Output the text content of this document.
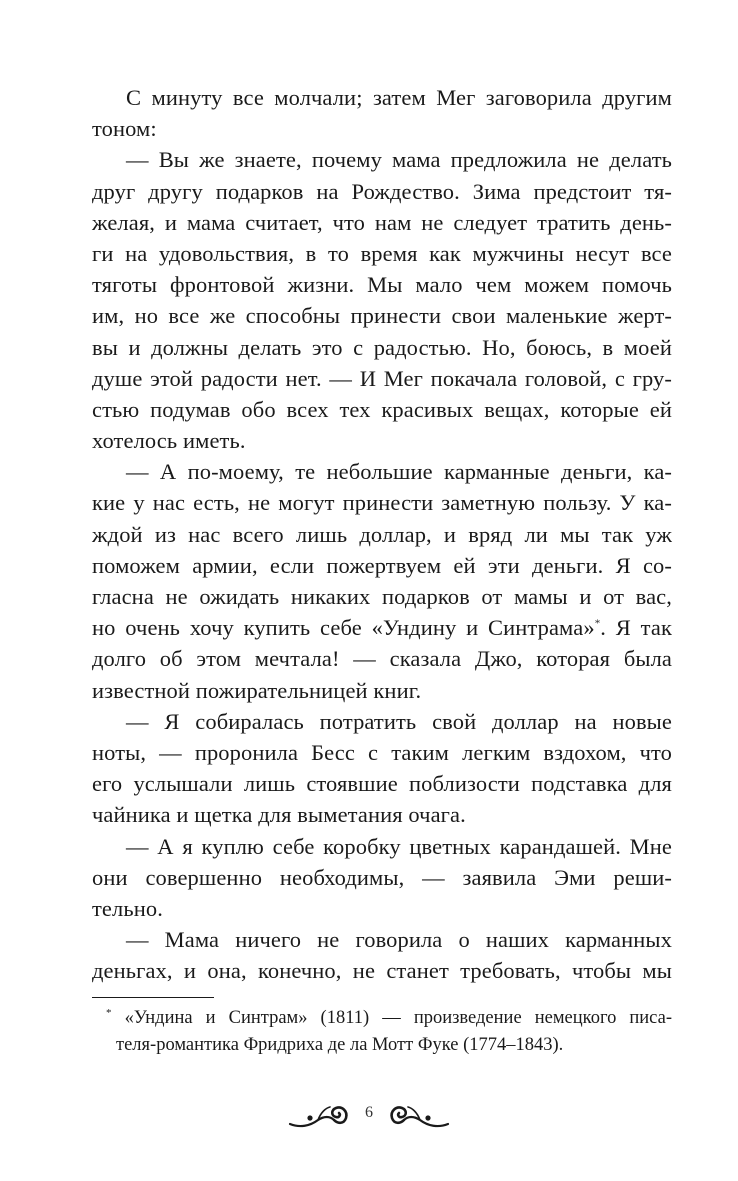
С минуту все молчали; затем Мег заговорила другим
тоном:
— Вы же знаете, почему мама предложила не делать
друг другу подарков на Рождество. Зима предстоит тя-
желая, и мама считает, что нам не следует тратить день-
ги на удовольствия, в то время как мужчины несут все
тяготы фронтовой жизни. Мы мало чем можем помочь
им, но все же способны принести свои маленькие жерт-
вы и должны делать это с радостью. Но, боюсь, в моей
душе этой радости нет. — И Мег покачала головой, с гру-
стью подумав обо всех тех красивых вещах, которые ей
хотелось иметь.
— А по-моему, те небольшие карманные деньги, ка-
кие у нас есть, не могут принести заметную пользу. У ка-
ждой из нас всего лишь доллар, и вряд ли мы так уж
поможем армии, если пожертвуем ей эти деньги. Я со-
гласна не ожидать никаких подарков от мамы и от вас,
но очень хочу купить себе «Ундину и Синтрама»*. Я так
долго об этом мечтала! — сказала Джо, которая была
известной пожирательницей книг.
— Я собиралась потратить свой доллар на новые
ноты, — проронила Бесс с таким легким вздохом, что
его услышали лишь стоявшие поблизости подставка для
чайника и щетка для выметания очага.
— А я куплю себе коробку цветных карандашей. Мне
они совершенно необходимы, — заявила Эми реши-
тельно.
— Мама ничего не говорила о наших карманных
деньгах, и она, конечно, не станет требовать, чтобы мы
* «Ундина и Синтрам» (1811) — произведение немецкого писа-
теля-романтика Фридриха де ла Мотт Фуке (1774–1843).
6
